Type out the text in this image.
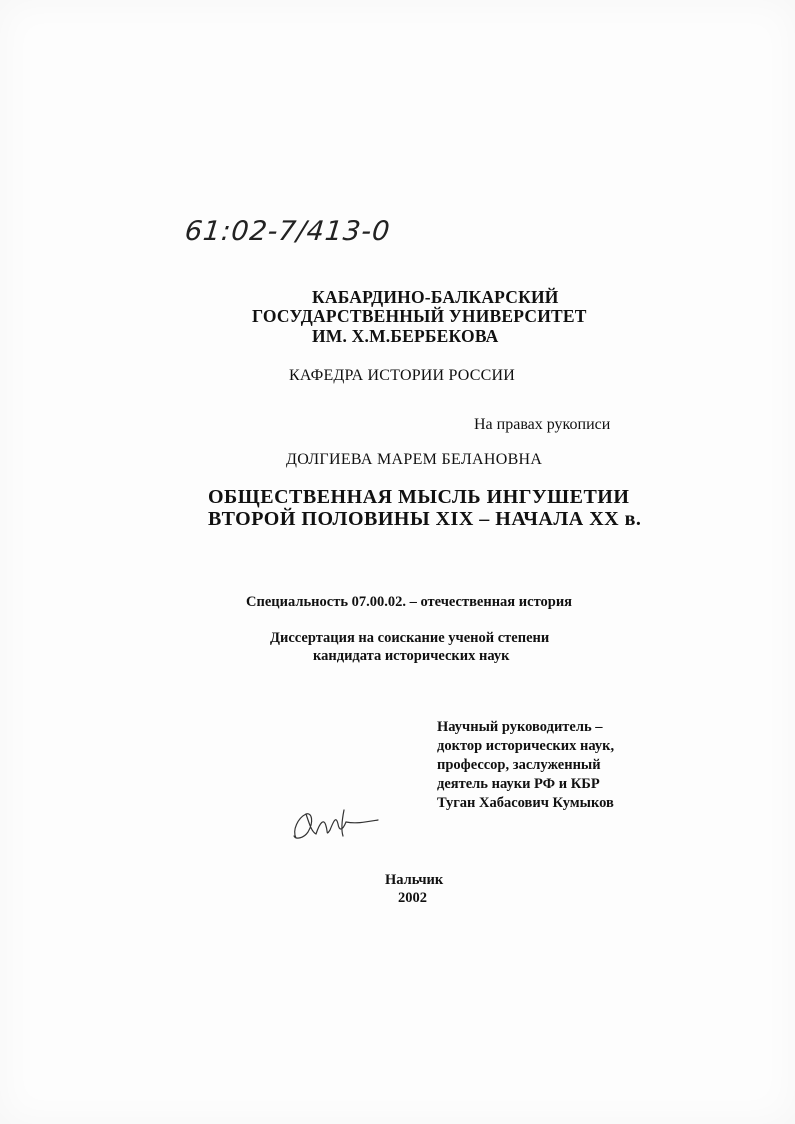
61:02-7/413-0

КАБАРДИНО-БАЛКАРСКИЙ

ГОСУДАРСТВЕННЫЙ УНИВЕРСИТЕТ

ИМ. Х.М.БЕРБЕКОВА

КАФЕДРА ИСТОРИИ РОССИИ

На правах рукописи

ДОЛГИЕВА МАРЕМ БЕЛАНОВНА

ОБЩЕСТВЕННАЯ МЫСЛЬ ИНГУШЕТИИ

ВТОРОЙ ПОЛОВИНЫ XIX – НАЧАЛА XX в.

Специальность 07.00.02. – отечественная история

Диссертация на соискание ученой степени

кандидата исторических наук

Научный руководитель –

доктор исторических наук,

профессор, заслуженный

деятель науки РФ и КБР

Туган Хабасович Кумыков

Нальчик

2002
